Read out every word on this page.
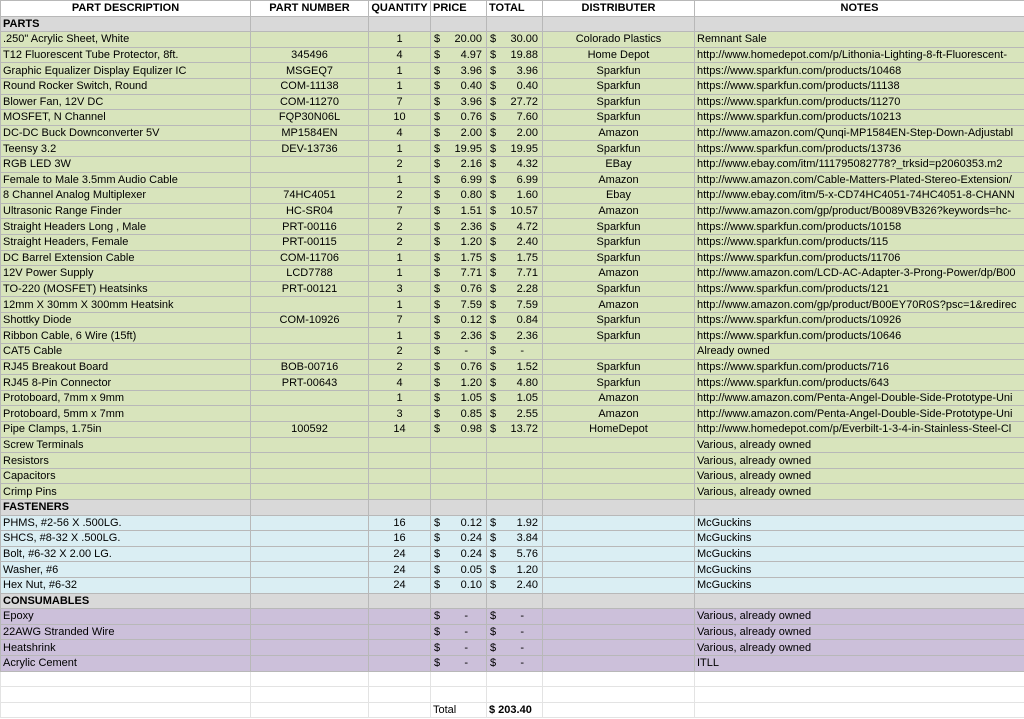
PART DESCRIPTION	PART NUMBER	QUANTITY	PRICE	TOTAL	DISTRIBUTER	NOTES
PARTS						
.250" Acrylic Sheet, White		1	$ 20.00	$ 30.00	Colorado Plastics	Remnant Sale
T12 Fluorescent Tube Protector, 8ft.	345496	4	$ 4.97	$ 19.88	Home Depot	http://www.homedepot.com/p/Lithonia-Lighting-8-ft-Fluorescent-
Graphic Equalizer Display Equlizer IC	MSGEQ7	1	$ 3.96	$ 3.96	Sparkfun	https://www.sparkfun.com/products/10468
Round Rocker Switch, Round	COM-11138	1	$ 0.40	$ 0.40	Sparkfun	https://www.sparkfun.com/products/11138
Blower Fan, 12V DC	COM-11270	7	$ 3.96	$ 27.72	Sparkfun	https://www.sparkfun.com/products/11270
MOSFET, N Channel	FQP30N06L	10	$ 0.76	$ 7.60	Sparkfun	https://www.sparkfun.com/products/10213
DC-DC Buck Downconverter 5V	MP1584EN	4	$ 2.00	$ 2.00	Amazon	http://www.amazon.com/Qunqi-MP1584EN-Step-Down-Adjustabl
Teensy 3.2	DEV-13736	1	$ 19.95	$ 19.95	Sparkfun	https://www.sparkfun.com/products/13736
RGB LED 3W		2	$ 2.16	$ 4.32	EBay	http://www.ebay.com/itm/111795082778?_trksid=p2060353.m2
Female to Male 3.5mm Audio Cable		1	$ 6.99	$ 6.99	Amazon	http://www.amazon.com/Cable-Matters-Plated-Stereo-Extension/
8 Channel Analog Multiplexer	74HC4051	2	$ 0.80	$ 1.60	Ebay	http://www.ebay.com/itm/5-x-CD74HC4051-74HC4051-8-CHANN
Ultrasonic Range Finder	HC-SR04	7	$ 1.51	$ 10.57	Amazon	http://www.amazon.com/gp/product/B0089VB326?keywords=hc-
Straight Headers Long , Male	PRT-00116	2	$ 2.36	$ 4.72	Sparkfun	https://www.sparkfun.com/products/10158
Straight Headers, Female	PRT-00115	2	$ 1.20	$ 2.40	Sparkfun	https://www.sparkfun.com/products/115
DC Barrel Extension Cable	COM-11706	1	$ 1.75	$ 1.75	Sparkfun	https://www.sparkfun.com/products/11706
12V Power Supply	LCD7788	1	$ 7.71	$ 7.71	Amazon	http://www.amazon.com/LCD-AC-Adapter-3-Prong-Power/dp/B00
TO-220 (MOSFET) Heatsinks	PRT-00121	3	$ 0.76	$ 2.28	Sparkfun	https://www.sparkfun.com/products/121
12mm X 30mm X 300mm Heatsink		1	$ 7.59	$ 7.59	Amazon	http://www.amazon.com/gp/product/B00EY70R0S?psc=1&redirec
Shottky Diode	COM-10926	7	$ 0.12	$ 0.84	Sparkfun	https://www.sparkfun.com/products/10926
Ribbon Cable, 6 Wire (15ft)		1	$ 2.36	$ 2.36	Sparkfun	https://www.sparkfun.com/products/10646
CAT5 Cable		2	$ -	$ -		Already owned
RJ45 Breakout Board	BOB-00716	2	$ 0.76	$ 1.52	Sparkfun	https://www.sparkfun.com/products/716
RJ45 8-Pin Connector	PRT-00643	4	$ 1.20	$ 4.80	Sparkfun	https://www.sparkfun.com/products/643
Protoboard, 7mm x 9mm		1	$ 1.05	$ 1.05	Amazon	http://www.amazon.com/Penta-Angel-Double-Side-Prototype-Uni
Protoboard, 5mm x 7mm		3	$ 0.85	$ 2.55	Amazon	http://www.amazon.com/Penta-Angel-Double-Side-Prototype-Uni
Pipe Clamps, 1.75in	100592	14	$ 0.98	$ 13.72	HomeDepot	http://www.homedepot.com/p/Everbilt-1-3-4-in-Stainless-Steel-Cl
Screw Terminals						Various, already owned
Resistors						Various, already owned
Capacitors						Various, already owned
Crimp Pins						Various, already owned
FASTENERS						
PHMS, #2-56 X .500LG.		16	$ 0.12	$ 1.92		McGuckins
SHCS, #8-32 X .500LG.		16	$ 0.24	$ 3.84		McGuckins
Bolt, #6-32 X 2.00 LG.		24	$ 0.24	$ 5.76		McGuckins
Washer, #6		24	$ 0.05	$ 1.20		McGuckins
Hex Nut, #6-32		24	$ 0.10	$ 2.40		McGuckins
CONSUMABLES						
Epoxy			$ -	$ -		Various, already owned
22AWG Stranded Wire			$ -	$ -		Various, already owned
Heatshrink			$ -	$ -		Various, already owned
Acrylic Cement			$ -	$ -		ITLL

			Total	$ 203.40		
